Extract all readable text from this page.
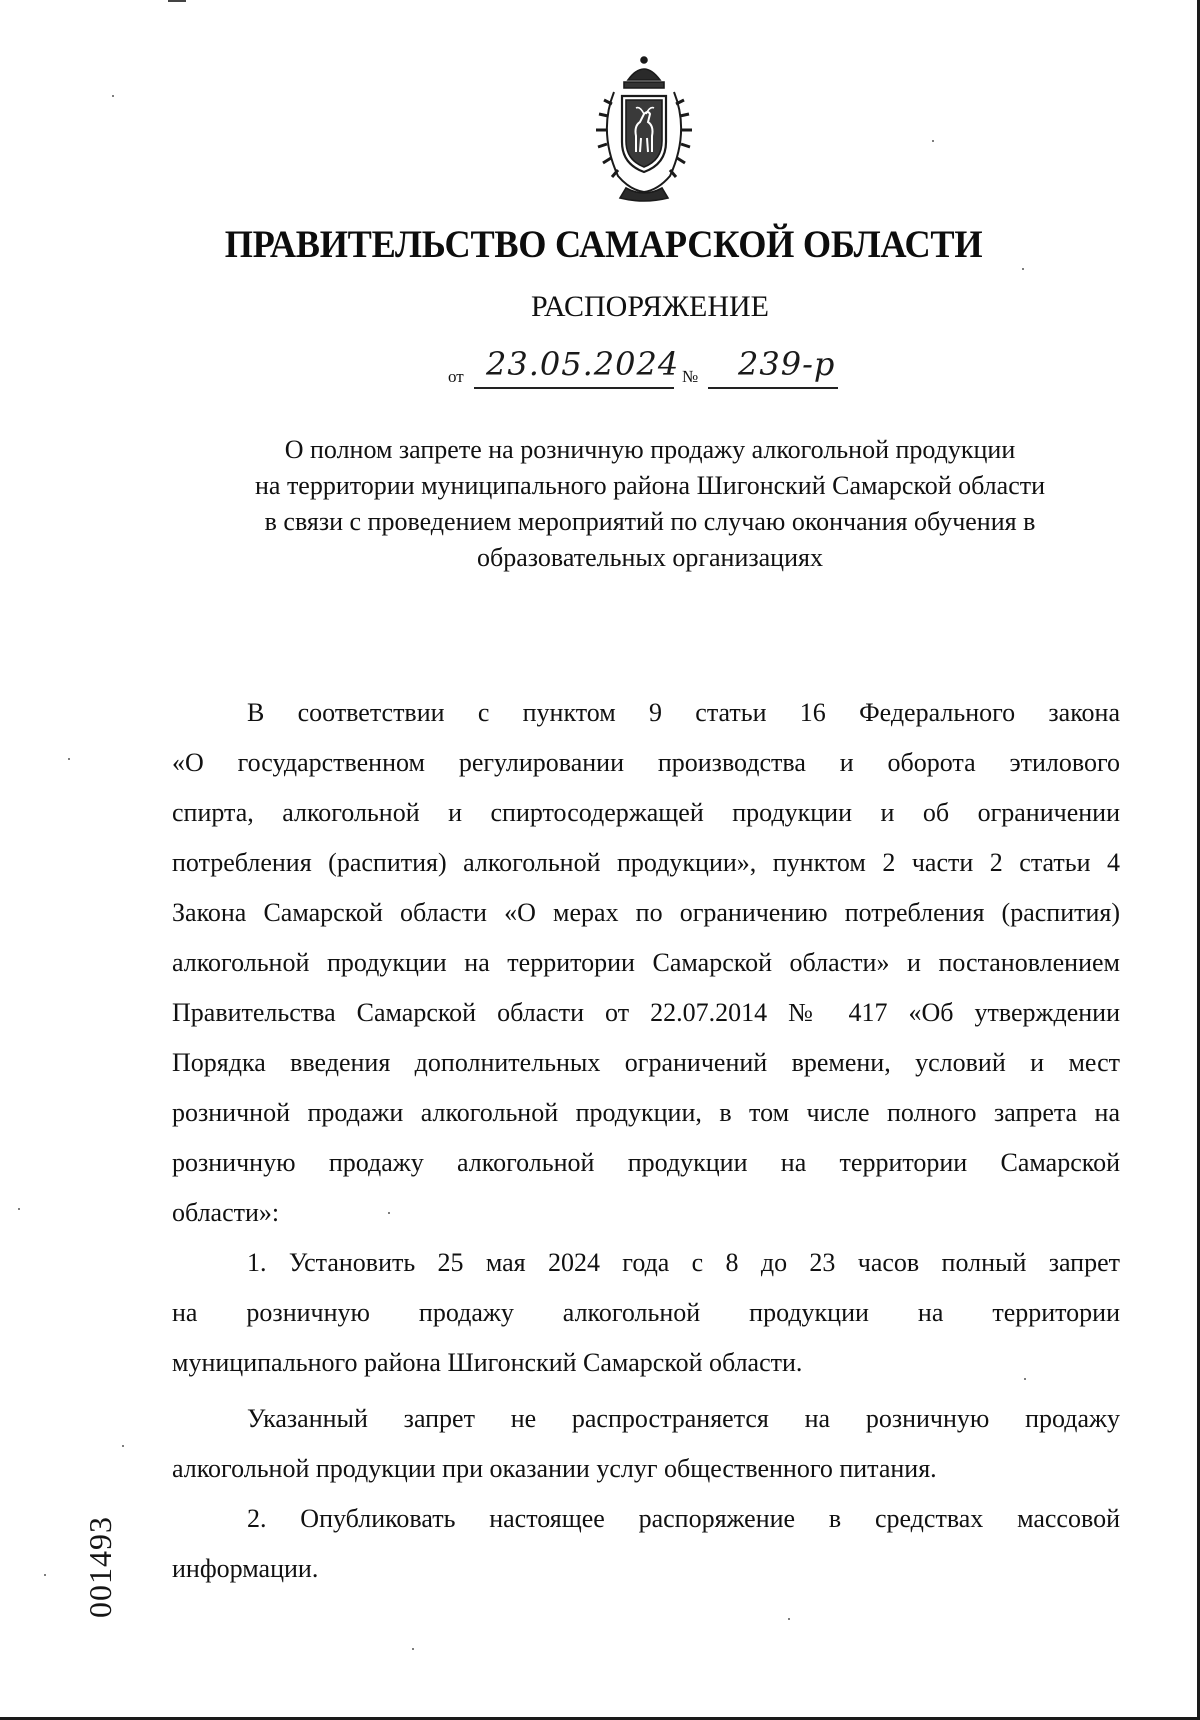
ПРАВИТЕЛЬСТВО САМАРСКОЙ ОБЛАСТИ
РАСПОРЯЖЕНИЕ
от 23.05.2024 № 239-р
О полном запрете на розничную продажу алкогольной продукции
на территории муниципального района Шигонский Самарской области
в связи с проведением мероприятий по случаю окончания обучения в
образовательных организациях
В соответствии с пунктом 9 статьи 16 Федерального закона
«О государственном регулировании производства и оборота этилового
спирта, алкогольной и спиртосодержащей продукции и об ограничении
потребления (распития) алкогольной продукции», пунктом 2 части 2 статьи 4
Закона Самарской области «О мерах по ограничению потребления (распития)
алкогольной продукции на территории Самарской области» и постановлением
Правительства Самарской области от 22.07.2014 № 417 «Об утверждении
Порядка введения дополнительных ограничений времени, условий и мест
розничной продажи алкогольной продукции, в том числе полного запрета на
розничную продажу алкогольной продукции на территории Самарской
области»:
1. Установить 25 мая 2024 года с 8 до 23 часов полный запрет
на розничную продажу алкогольной продукции на территории
муниципального района Шигонский Самарской области.
Указанный запрет не распространяется на розничную продажу
алкогольной продукции при оказании услуг общественного питания.
2. Опубликовать настоящее распоряжение в средствах массовой
информации.
001493
